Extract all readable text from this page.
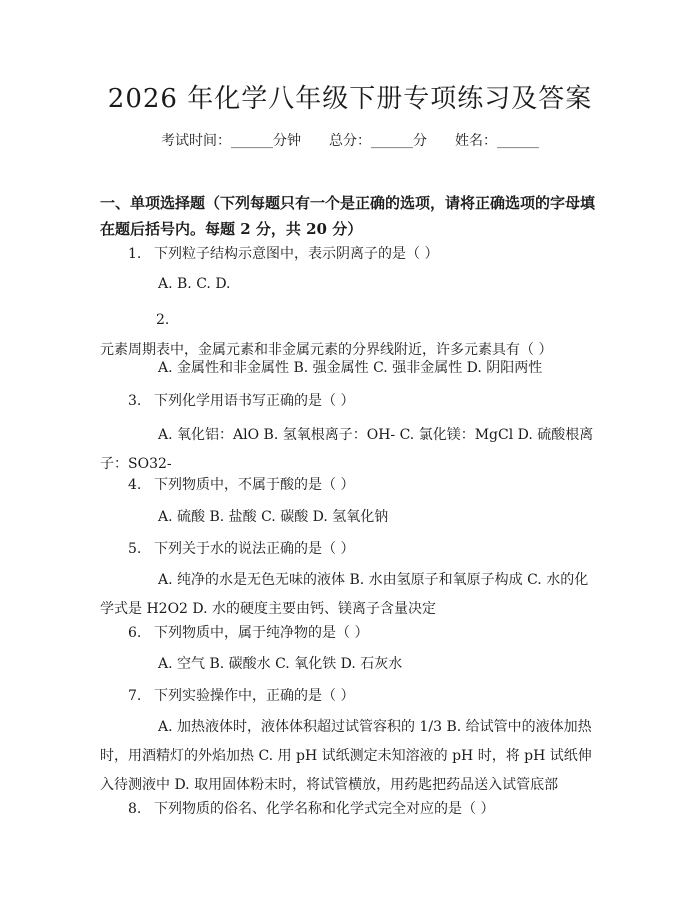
2026 年化学八年级下册专项练习及答案
考试时间：______分钟 总分：______分 姓名：______
一、单项选择题（下列每题只有一个是正确的选项，请将正确选项的字母填在题后括号内。每题 2 分，共 20 分）
1. 下列粒子结构示意图中，表示阴离子的是（ ）
A. B. C. D.
2.元素周期表中，金属元素和非金属元素的分界线附近，许多元素具有（ ）
A. 金属性和非金属性 B. 强金属性 C. 强非金属性 D. 阴阳两性
3. 下列化学用语书写正确的是（ ）
A. 氧化铝：AlO B. 氢氧根离子：OH- C. 氯化镁：MgCl D. 硫酸根离子：SO32-
4. 下列物质中，不属于酸的是（ ）
A. 硫酸 B. 盐酸 C. 碳酸 D. 氢氧化钠
5. 下列关于水的说法正确的是（ ）
A. 纯净的水是无色无味的液体 B. 水由氢原子和氧原子构成 C. 水的化学式是 H2O2 D. 水的硬度主要由钙、镁离子含量决定
6. 下列物质中，属于纯净物的是（ ）
A. 空气 B. 碳酸水 C. 氧化铁 D. 石灰水
7. 下列实验操作中，正确的是（ ）
A. 加热液体时，液体体积超过试管容积的 1/3 B. 给试管中的液体加热时，用酒精灯的外焰加热 C. 用 pH 试纸测定未知溶液的 pH 时，将 pH 试纸伸入待测液中 D. 取用固体粉末时，将试管横放，用药匙把药品送入试管底部
8. 下列物质的俗名、化学名称和化学式完全对应的是（ ）
